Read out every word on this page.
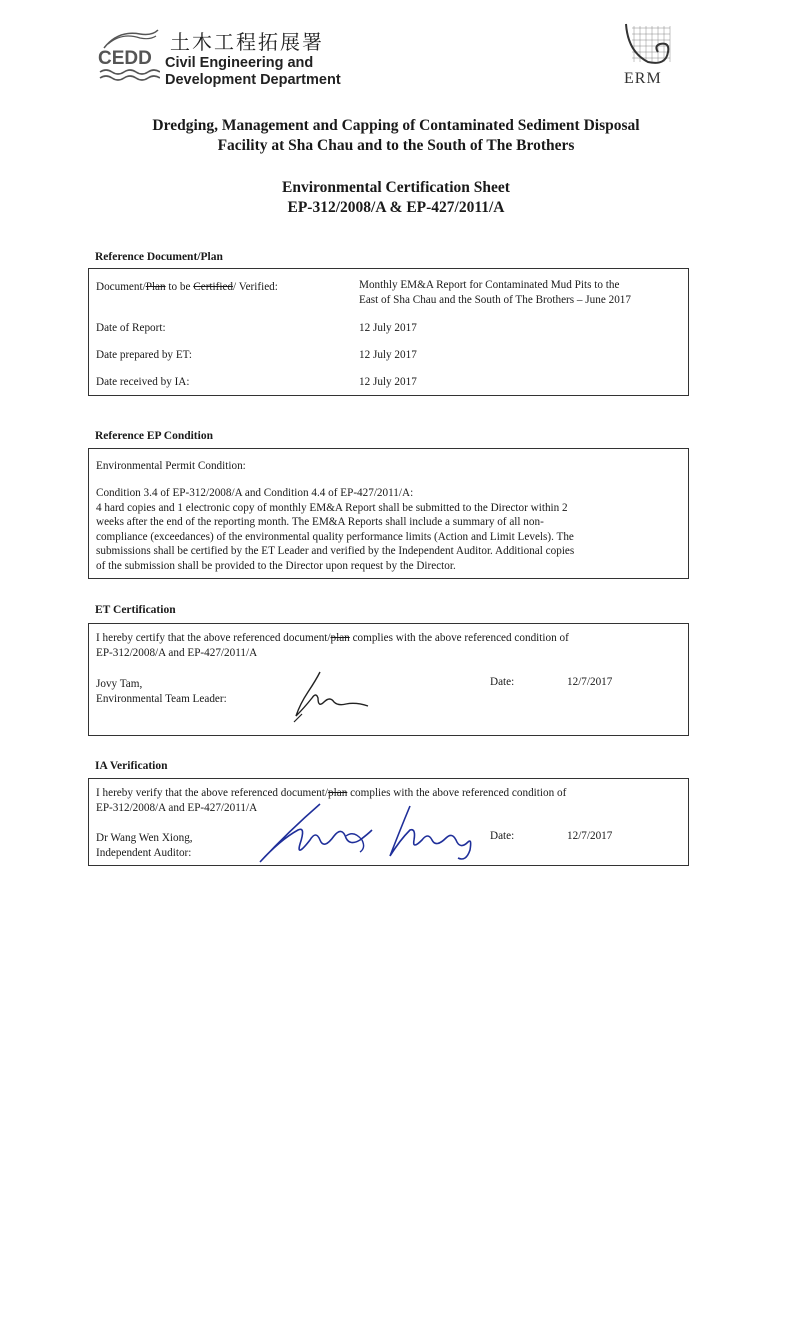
CEDD
土木工程拓展署
Civil Engineering and
Development Department	ERM
Dredging, Management and Capping of Contaminated Sediment Disposal
Facility at Sha Chau and to the South of The Brothers
Environmental Certification Sheet
EP-312/2008/A & EP-427/2011/A
Reference Document/Plan
Document/Plan to be Certified/ Verified:	Monthly EM&A Report for Contaminated Mud Pits to the
East of Sha Chau and the South of The Brothers – June 2017
Date of Report:	12 July 2017
Date prepared by ET:	12 July 2017
Date received by IA:	12 July 2017
Reference EP Condition
Environmental Permit Condition:
Condition 3.4 of EP-312/2008/A and Condition 4.4 of EP-427/2011/A:
4 hard copies and 1 electronic copy of monthly EM&A Report shall be submitted to the Director within 2
weeks after the end of the reporting month. The EM&A Reports shall include a summary of all non-
compliance (exceedances) of the environmental quality performance limits (Action and Limit Levels). The
submissions shall be certified by the ET Leader and verified by the Independent Auditor. Additional copies
of the submission shall be provided to the Director upon request by the Director.
ET Certification
I hereby certify that the above referenced document/plan complies with the above referenced condition of
EP-312/2008/A and EP-427/2011/A
Jovy Tam,
Environmental Team Leader:
Date:	12/7/2017
IA Verification
I hereby verify that the above referenced document/plan complies with the above referenced condition of
EP-312/2008/A and EP-427/2011/A
Dr Wang Wen Xiong,
Independent Auditor:
Date:	12/7/2017
